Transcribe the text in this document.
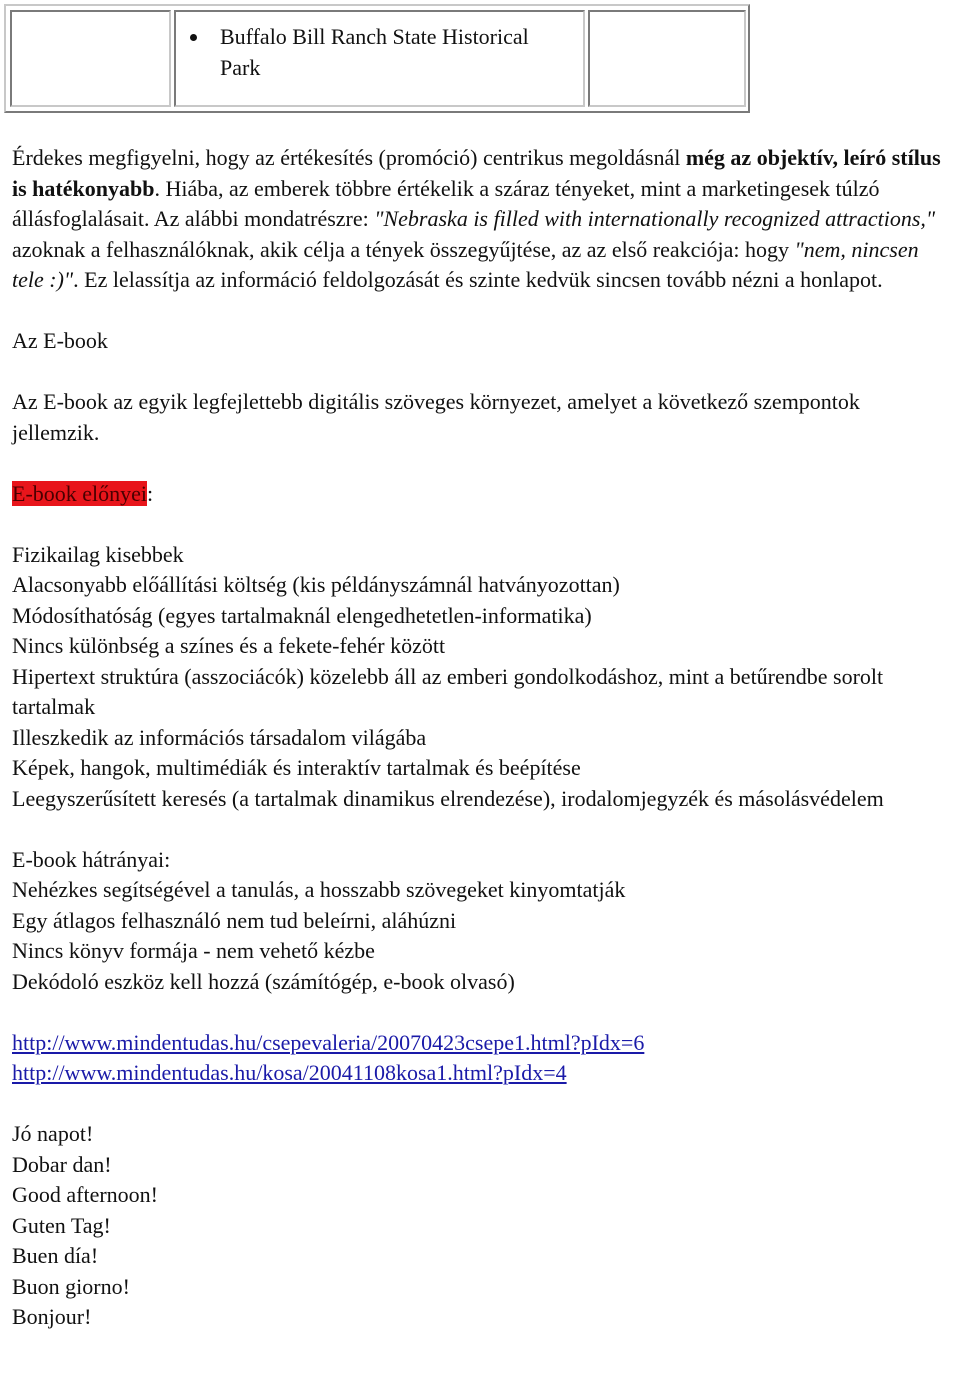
Buffalo Bill Ranch State Historical Park

Érdekes megfigyelni, hogy az értékesítés (promóció) centrikus megoldásnál még az objektív, leíró stílus is hatékonyabb. Hiába, az emberek többre értékelik a száraz tényeket, mint a marketingesek túlzó állásfoglalásait. Az alábbi mondatrészre: "Nebraska is filled with internationally recognized attractions," azoknak a felhasználóknak, akik célja a tények összegyűjtése, az az első reakciója: hogy "nem, nincsen tele :)". Ez lelassítja az információ feldolgozását és szinte kedvük sincsen tovább nézni a honlapot.

Az E-book

Az E-book az egyik legfejlettebb digitális szöveges környezet, amelyet a következő szempontok jellemzik.

E-book előnyei:

Fizikailag kisebbek

Alacsonyabb előállítási költség (kis példányszámnál hatványozottan)

Módosíthatóság (egyes tartalmaknál elengedhetetlen-informatika)

Nincs különbség a színes és a fekete-fehér között

Hipertext struktúra (asszociácók) közelebb áll az emberi gondolkodáshoz, mint a betűrendbe sorolt tartalmak

Illeszkedik az információs társadalom világába

Képek, hangok, multimédiák és interaktív tartalmak és beépítése

Leegyszerűsített keresés (a tartalmak dinamikus elrendezése), irodalomjegyzék és másolásvédelem

E-book hátrányai:

Nehézkes segítségével a tanulás, a hosszabb szövegeket kinyomtatják

Egy átlagos felhasználó nem tud beleírni, aláhúzni

Nincs könyv formája - nem vehető kézbe

Dekódoló eszköz kell hozzá (számítógép, e-book olvasó)

http://www.mindentudas.hu/csepevaleria/20070423csepe1.html?pIdx=6

http://www.mindentudas.hu/kosa/20041108kosa1.html?pIdx=4

Jó napot!

Dobar dan!

Good afternoon!

Guten Tag!

Buen día!

Buon giorno!

Bonjour!
